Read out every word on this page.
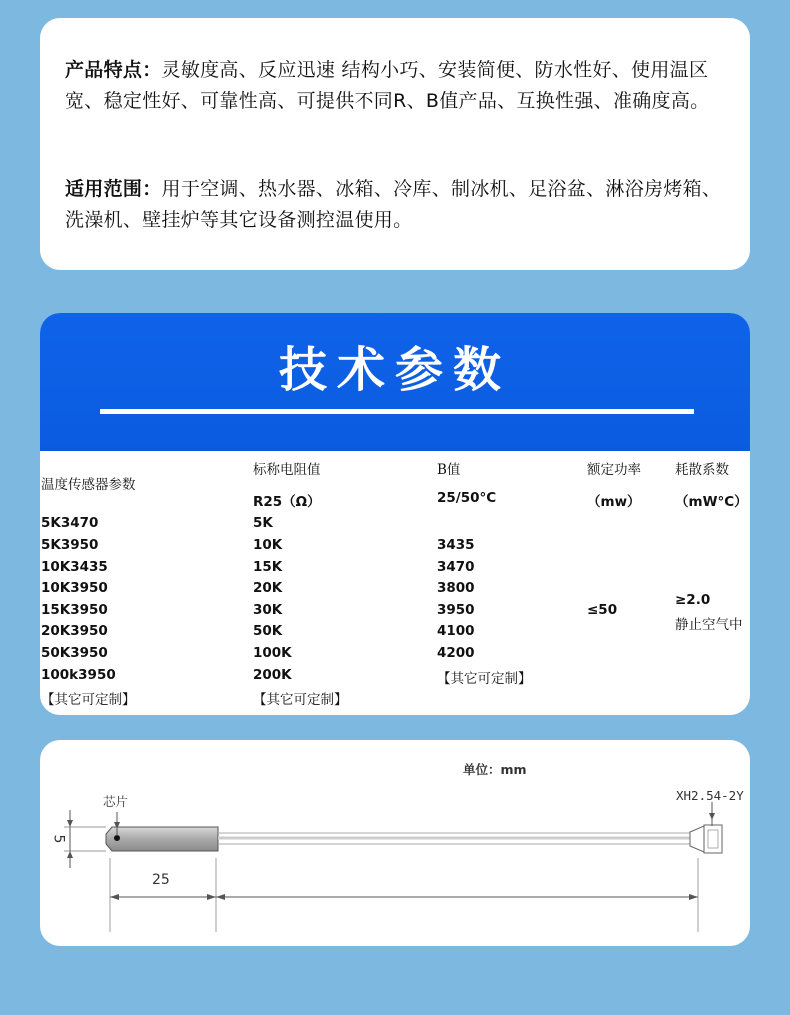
产品特点：灵敏度高、反应迅速 结构小巧、安装简便、防水性好、使用温区宽、稳定性好、可靠性高、可提供不同R、B值产品、互换性强、准确度高。
适用范围：用于空调、热水器、冰箱、冷库、制冰机、足浴盆、淋浴房烤箱、洗澡机、壁挂炉等其它设备测控温使用。
技术参数
温度传感器参数
标称电阻值
R25（Ω）
B值
25/50°C
额定功率
（mw）
耗散系数
（mW°C）
5K3470
5K3950
10K3435
10K3950
15K3950
20K3950
50K3950
100k3950
【其它可定制】
5K
10K
15K
20K
30K
50K
100K
200K
【其它可定制】
3435
3470
3800
3950
4100
4200
【其它可定制】
≤50
≥2.0
静止空气中
单位：mm
芯片	XH2.54-2Y
5
25
